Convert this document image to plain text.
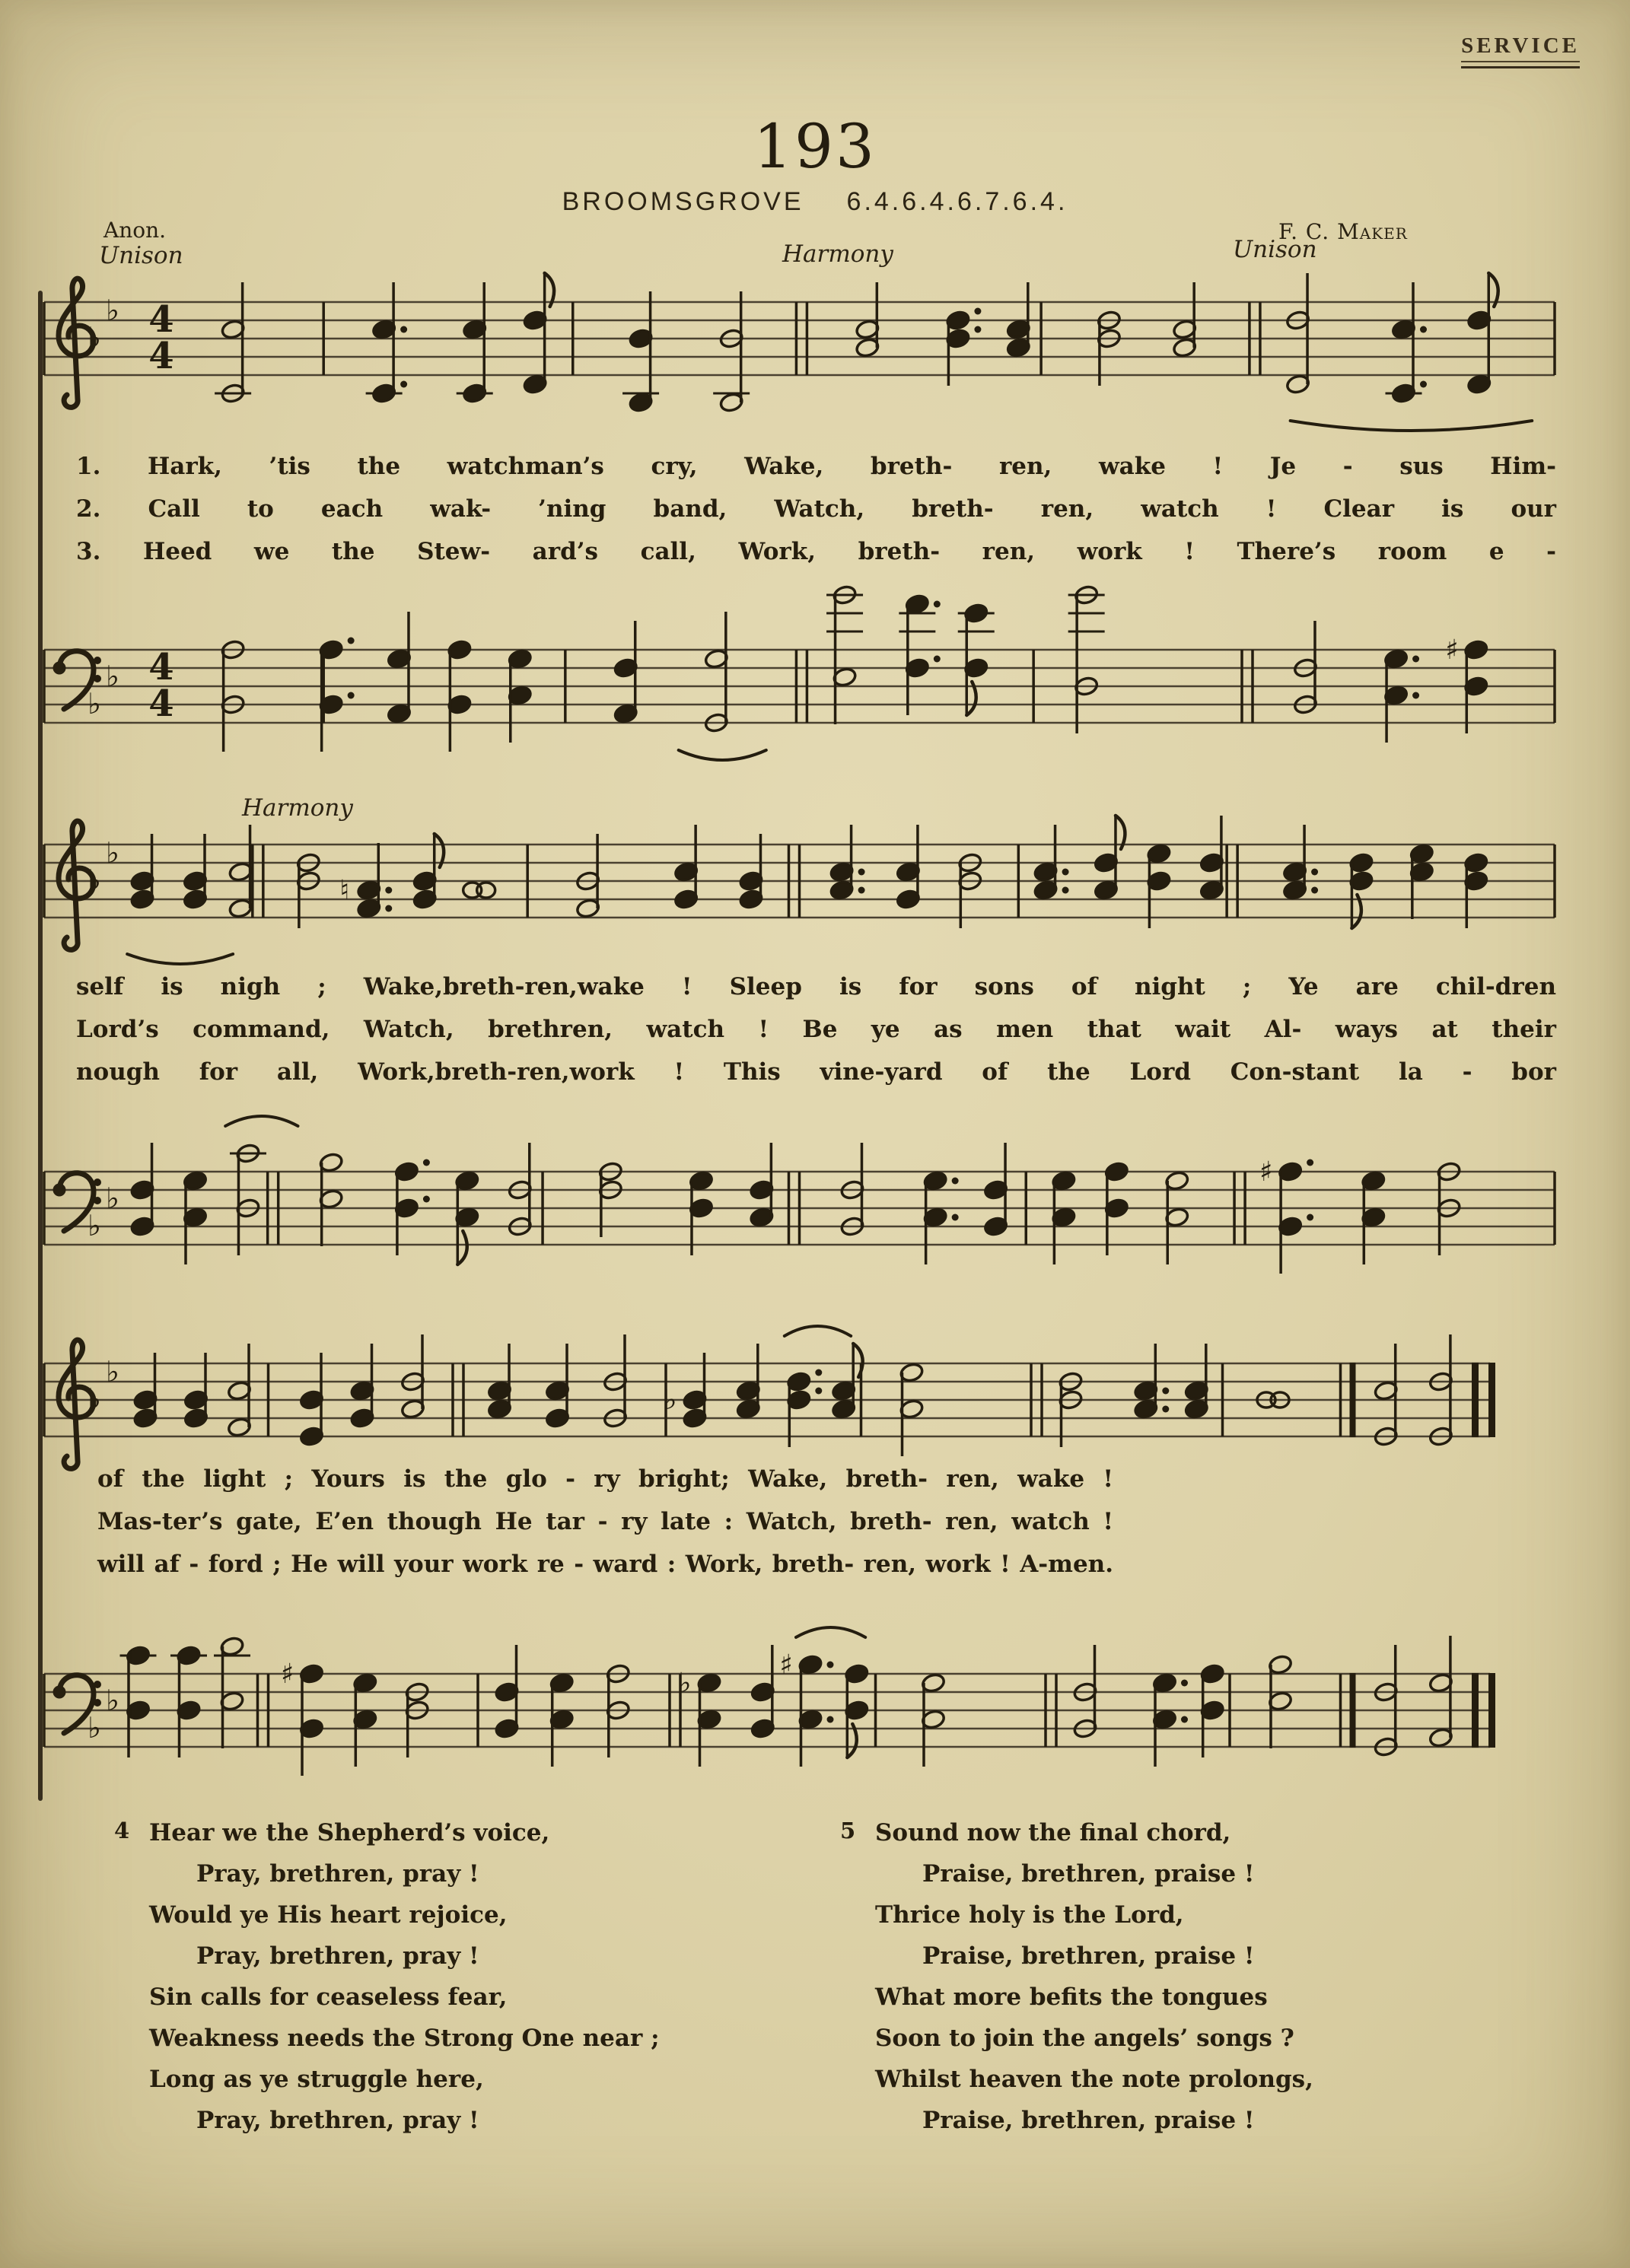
SERVICE
193
BROOMSGROVE 6.4.6.4.6.7.6.4.
Anon.	F. C. Maker
Unison	Harmony	Unison
Harmony
♭
♭ 4
4
♭
♭ 4
4
♯
♭
♭
♮
♭
♭
♯
♭
♭
♭
♭
♭
♯	♭
♯
1. Hark, ’tis the watchman’s cry, Wake, breth- ren, wake ! Je - sus Him-
2. Call to each wak- ’ning band, Watch, breth- ren, watch ! Clear is our
3. Heed we the Stew- ard’s call, Work, breth- ren, work ! There’s room e -
self is nigh ; Wake,breth-ren,wake ! Sleep is for sons of night ; Ye are chil-dren
Lord’s command, Watch, brethren, watch ! Be ye as men that wait Al- ways at their
nough for all, Work,breth-ren,work ! This vine-yard of the Lord Con-stant la - bor
of the light ; Yours is the glo - ry bright; Wake, breth- ren, wake !
Mas-ter’s gate, E’en though He tar - ry late : Watch, breth- ren, watch !
will af - ford ; He will your work re - ward : Work, breth- ren, work ! A-men.
4 Hear we the Shepherd’s voice,
Pray, brethren, pray !
Would ye His heart rejoice,
Pray, brethren, pray !
Sin calls for ceaseless fear,
Weakness needs the Strong One near ;
Long as ye struggle here,
Pray, brethren, pray !
5 Sound now the final chord,
Praise, brethren, praise !
Thrice holy is the Lord,
Praise, brethren, praise !
What more befits the tongues
Soon to join the angels’ songs ?
Whilst heaven the note prolongs,
Praise, brethren, praise !
